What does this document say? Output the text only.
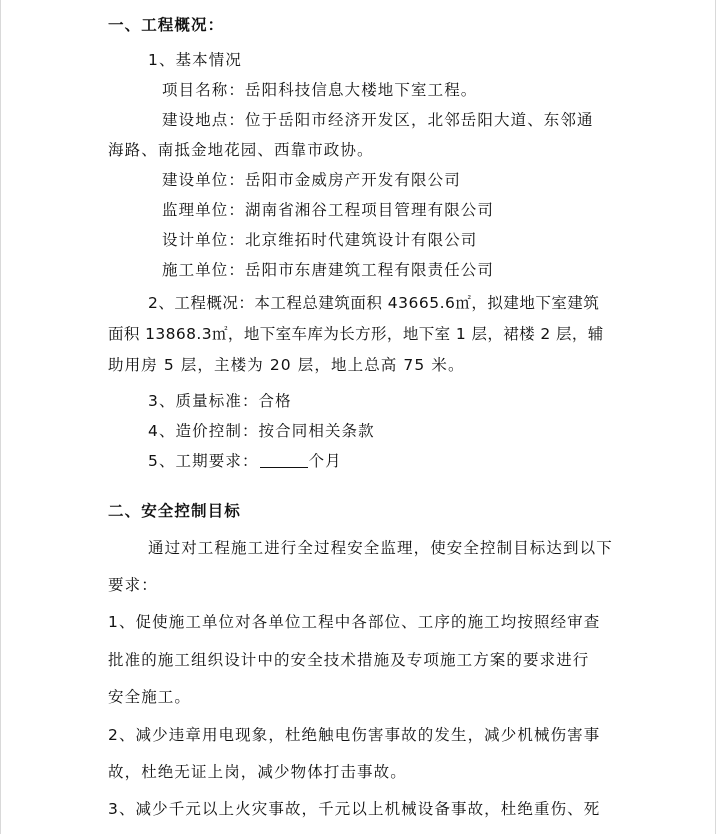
一、工程概况：
1、基本情况
项目名称：岳阳科技信息大楼地下室工程。
建设地点：位于岳阳市经济开发区，北邻岳阳大道、东邻通
海路、南抵金地花园、西靠市政协。
建设单位：岳阳市金威房产开发有限公司
监理单位：湖南省湘谷工程项目管理有限公司
设计单位：北京维拓时代建筑设计有限公司
施工单位：岳阳市东唐建筑工程有限责任公司
2、工程概况：本工程总建筑面积 43665.6㎡，拟建地下室建筑
面积 13868.3㎡，地下室车库为长方形，地下室 1 层，裙楼 2 层，辅
助用房 5 层，主楼为 20 层，地上总高 75 米。
3、质量标准：合格
4、造价控制：按合同相关条款
5、工期要求：	个月
二、安全控制目标
通过对工程施工进行全过程安全监理，使安全控制目标达到以下
要求：
1、促使施工单位对各单位工程中各部位、工序的施工均按照经审查
批准的施工组织设计中的安全技术措施及专项施工方案的要求进行
安全施工。
2、减少违章用电现象，杜绝触电伤害事故的发生，减少机械伤害事
故，杜绝无证上岗，减少物体打击事故。
3、减少千元以上火灾事故，千元以上机械设备事故，杜绝重伤、死
